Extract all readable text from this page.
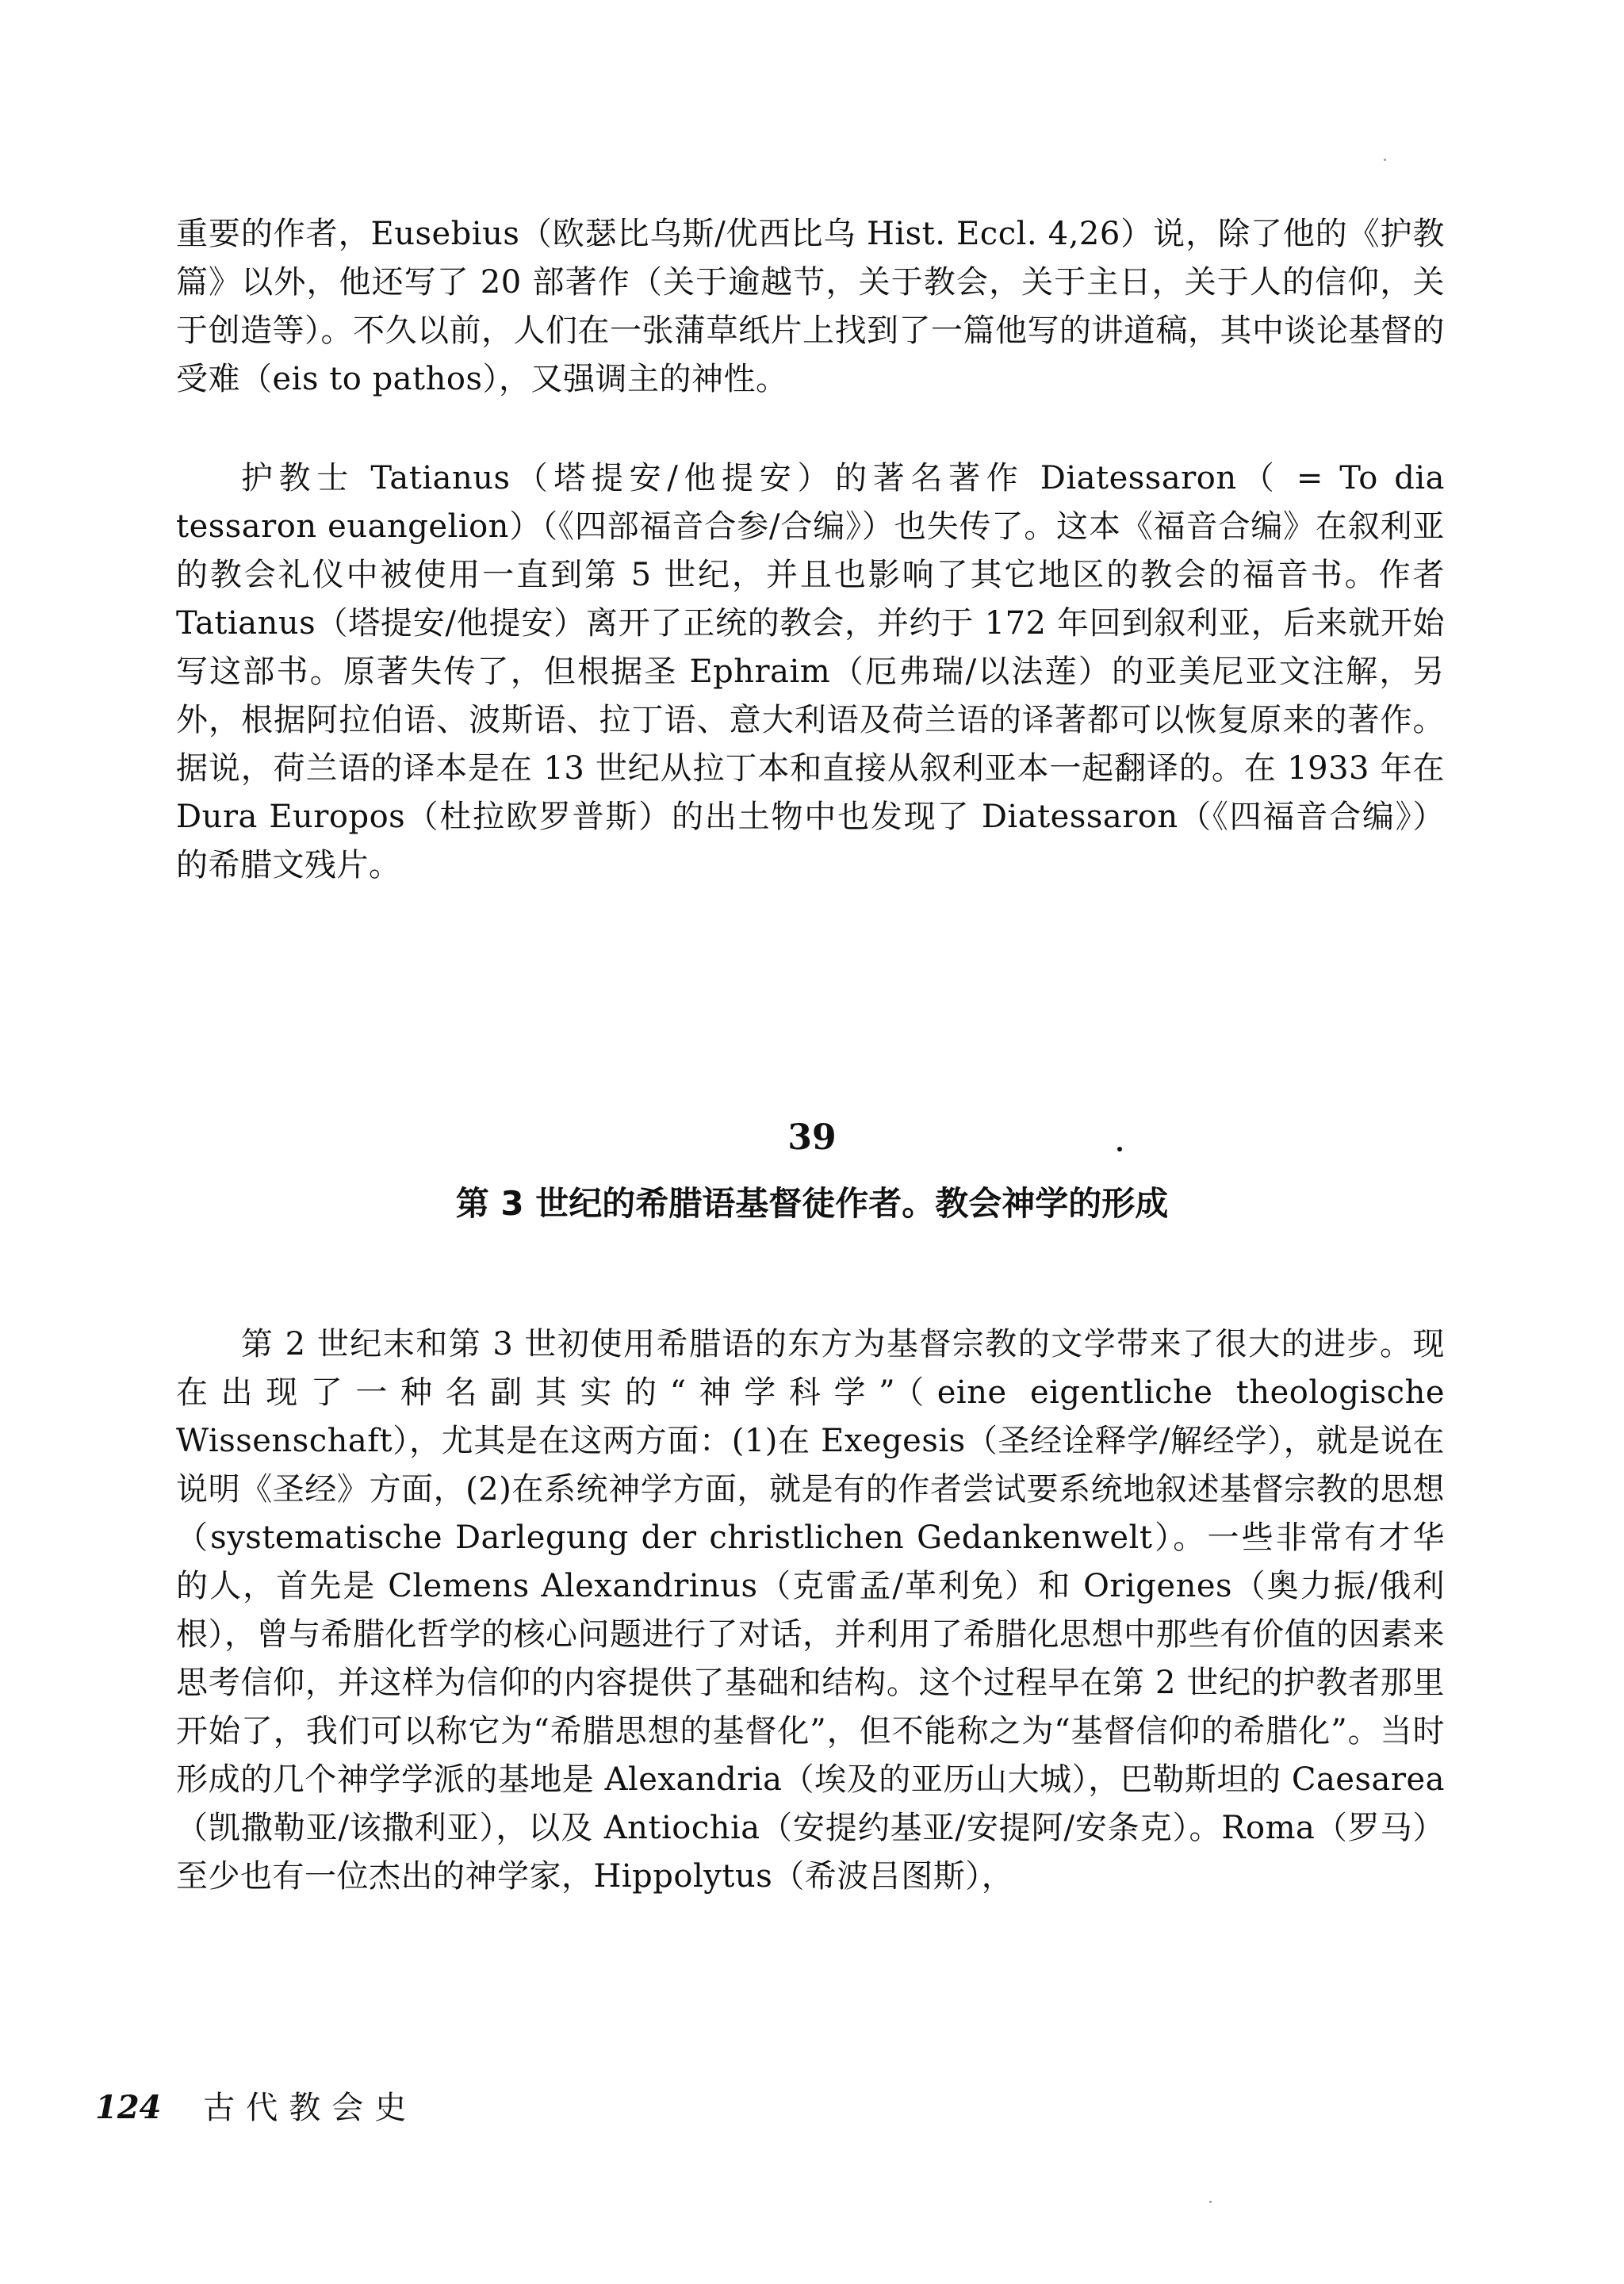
重要的作者，Eusebius（欧瑟比乌斯/优西比乌 Hist. Eccl. 4,26）说，除了他的《护教篇》以外，他还写了 20 部著作（关于逾越节，关于教会，关于主日，关于人的信仰，关于创造等）。不久以前，人们在一张蒲草纸片上找到了一篇他写的讲道稿，其中谈论基督的受难（eis to pathos），又强调主的神性。

护教士 Tatianus（塔提安/他提安）的著名著作 Diatessaron（ = To dia tessaron euangelion）（《四部福音合参/合编》）也失传了。这本《福音合编》在叙利亚的教会礼仪中被使用一直到第 5 世纪，并且也影响了其它地区的教会的福音书。作者 Tatianus（塔提安/他提安）离开了正统的教会，并约于 172 年回到叙利亚，后来就开始写这部书。原著失传了，但根据圣 Ephraim（厄弗瑞/以法莲）的亚美尼亚文注解，另外，根据阿拉伯语、波斯语、拉丁语、意大利语及荷兰语的译著都可以恢复原来的著作。据说，荷兰语的译本是在 13 世纪从拉丁本和直接从叙利亚本一起翻译的。在 1933 年在 Dura Europos（杜拉欧罗普斯）的出土物中也发现了 Diatessaron（《四福音合编》）的希腊文残片。

39
第 3 世纪的希腊语基督徒作者。教会神学的形成

第 2 世纪末和第 3 世初使用希腊语的东方为基督宗教的文学带来了很大的进步。现在出现了一种名副其实的“神学科学”（eine eigentliche theologische Wissenschaft），尤其是在这两方面：(1)在 Exegesis（圣经诠释学/解经学），就是说在说明《圣经》方面，(2)在系统神学方面，就是有的作者尝试要系统地叙述基督宗教的思想（systematische Darlegung der christlichen Gedankenwelt）。一些非常有才华的人，首先是 Clemens Alexandrinus（克雷孟/革利免）和 Origenes（奥力振/俄利根），曾与希腊化哲学的核心问题进行了对话，并利用了希腊化思想中那些有价值的因素来思考信仰，并这样为信仰的内容提供了基础和结构。这个过程早在第 2 世纪的护教者那里开始了，我们可以称它为“希腊思想的基督化”，但不能称之为“基督信仰的希腊化”。当时形成的几个神学学派的基地是 Alexandria（埃及的亚历山大城），巴勒斯坦的 Caesarea（凯撒勒亚/该撒利亚），以及 Antiochia（安提约基亚/安提阿/安条克）。Roma（罗马）至少也有一位杰出的神学家，Hippolytus（希波吕图斯），

124 古代教会史
